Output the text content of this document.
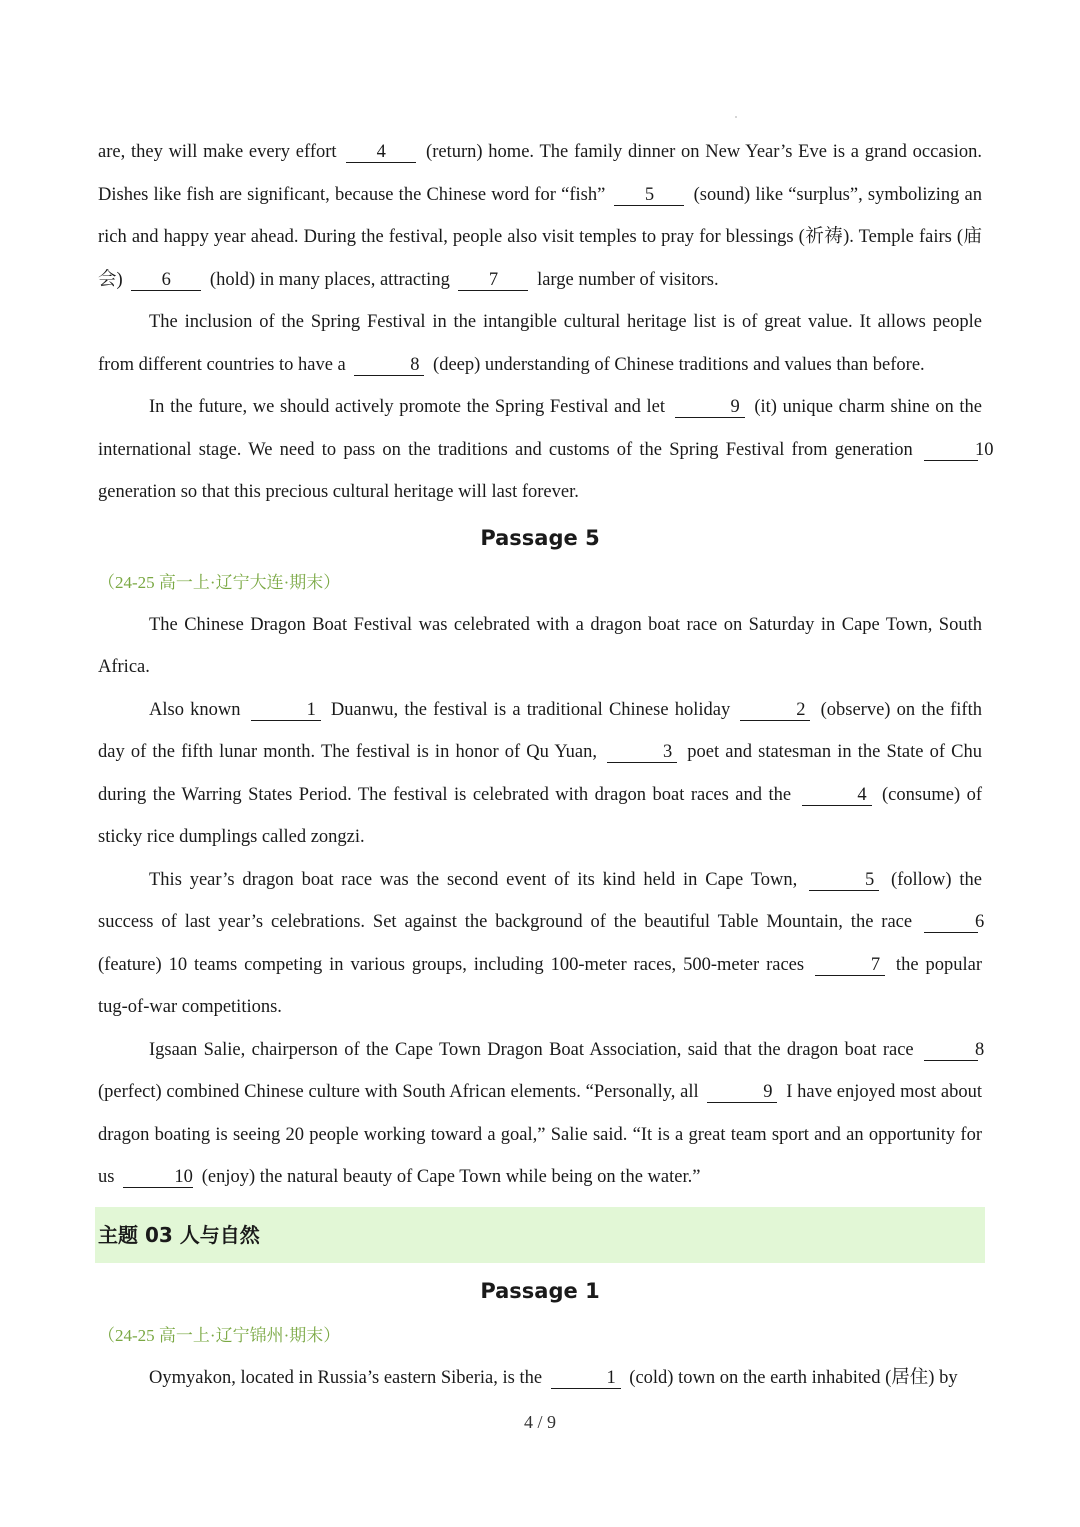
are, they will make every effort 4 (return) home. The family dinner on New Year’s Eve is a grand occasion. Dishes like fish are significant, because the Chinese word for “fish” 5 (sound) like “surplus”, symbolizing an rich and happy year ahead. During the festival, people also visit temples to pray for blessings (祈祷). Temple fairs (庙会) 6 (hold) in many places, attracting 7 large number of visitors.

The inclusion of the Spring Festival in the intangible cultural heritage list is of great value. It allows people from different countries to have a	8 (deep) understanding of Chinese traditions and values than before.

In the future, we should actively promote the Spring Festival and let	9 (it) unique charm shine on the international stage. We need to pass on the traditions and customs of the Spring Festival from generation	10 generation so that this precious cultural heritage will last forever.

Passage 5

（24-25 高一上·辽宁大连·期末）

The Chinese Dragon Boat Festival was celebrated with a dragon boat race on Saturday in Cape Town, South Africa.

Also known	1 Duanwu, the festival is a traditional Chinese holiday	2 (observe) on the fifth day of the fifth lunar month. The festival is in honor of Qu Yuan,	3 poet and statesman in the State of Chu during the Warring States Period. The festival is celebrated with dragon boat races and the	4 (consume) of sticky rice dumplings called zongzi.

This year’s dragon boat race was the second event of its kind held in Cape Town,	5 (follow) the success of last year’s celebrations. Set against the background of the beautiful Table Mountain, the race	6 (feature) 10 teams competing in various groups, including 100-meter races, 500-meter races	7 the popular tug-of-war competitions.

Igsaan Salie, chairperson of the Cape Town Dragon Boat Association, said that the dragon boat race	8 (perfect) combined Chinese culture with South African elements. “Personally, all	9 I have enjoyed most about dragon boating is seeing 20 people working toward a goal,” Salie said. “It is a great team sport and an opportunity for us	10 (enjoy) the natural beauty of Cape Town while being on the water.”

主题 03 人与自然
Passage 1

（24-25 高一上·辽宁锦州·期末）

Oymyakon, located in Russia’s eastern Siberia, is the	1 (cold) town on the earth inhabited (居住) by

4 / 9
